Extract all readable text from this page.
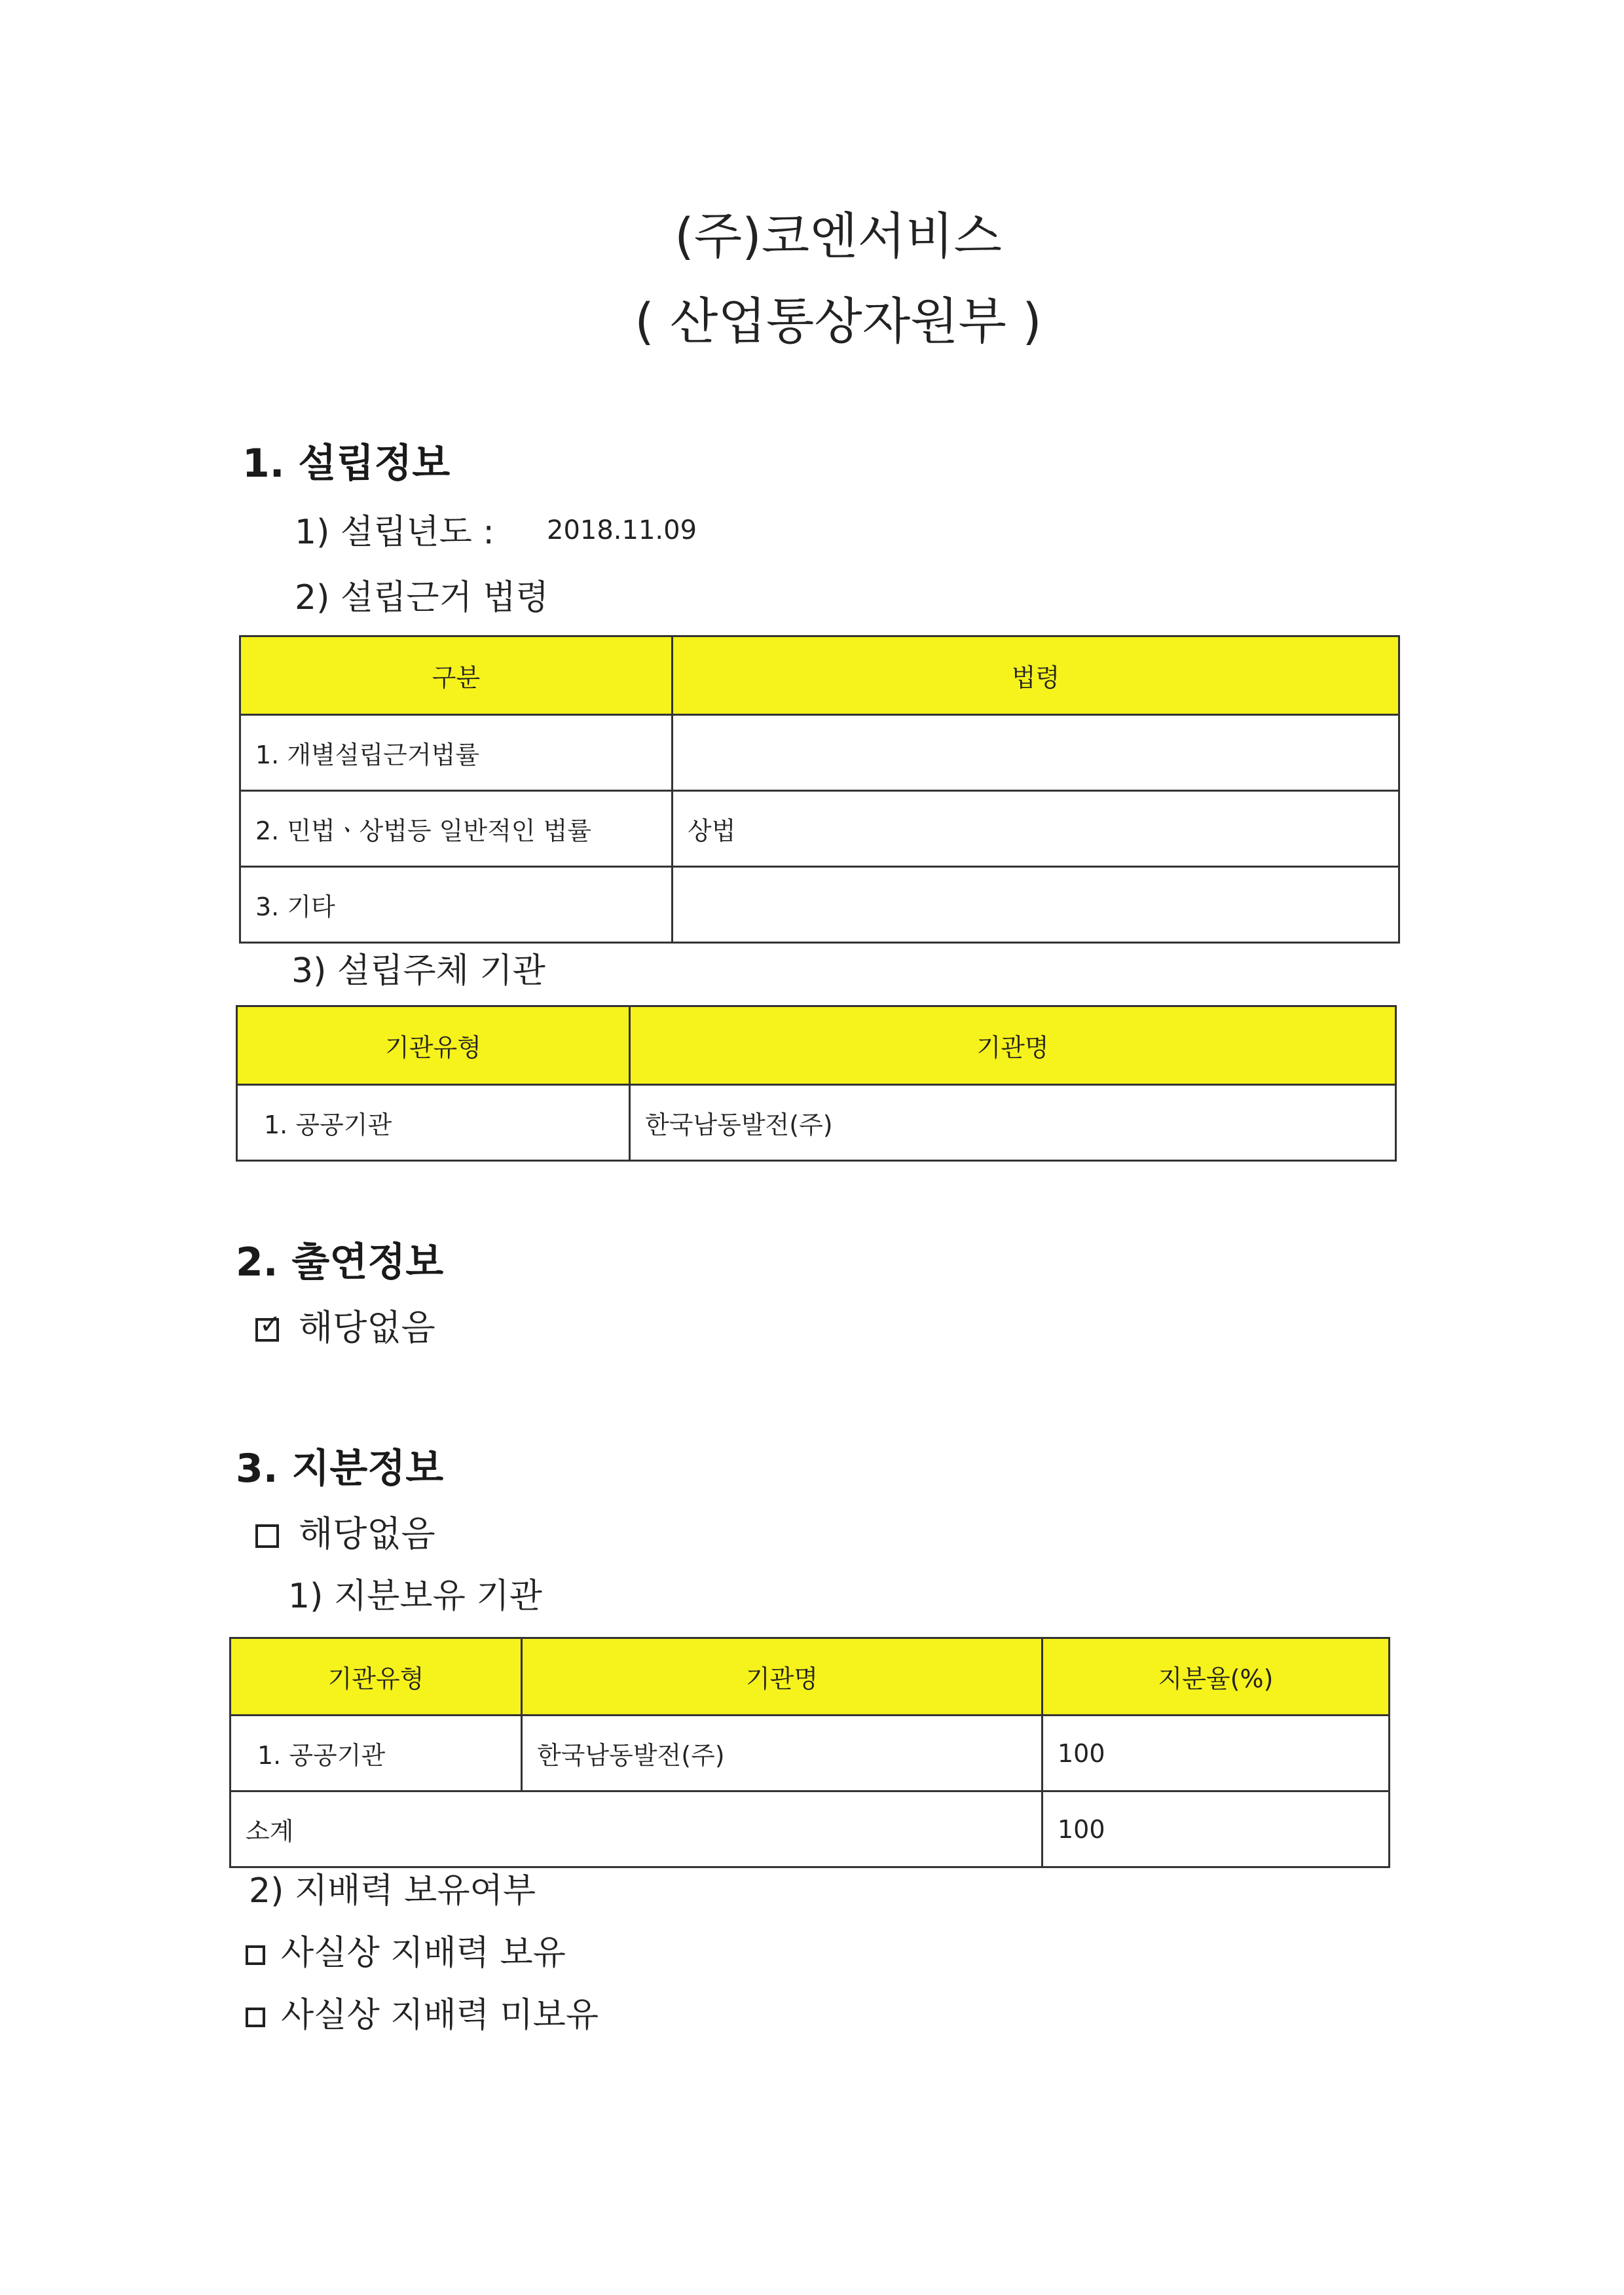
(주)코엔서비스
( 산업통상자원부 )
1. 설립정보
1) 설립년도 : 2018.11.09
2) 설립근거 법령
구분	법령
1. 개별설립근거법률	
2. 민법ㆍ상법등 일반적인 법률	상법
3. 기타	
3) 설립주체 기관
기관유형	기관명
1. 공공기관	한국남동발전(주)
2. 출연정보
✓ 해당없음
3. 지분정보
해당없음
1) 지분보유 기관
기관유형	기관명	지분율(%)
1. 공공기관	한국남동발전(주)	100
소계		100
2) 지배력 보유여부
사실상 지배력 보유
사실상 지배력 미보유
